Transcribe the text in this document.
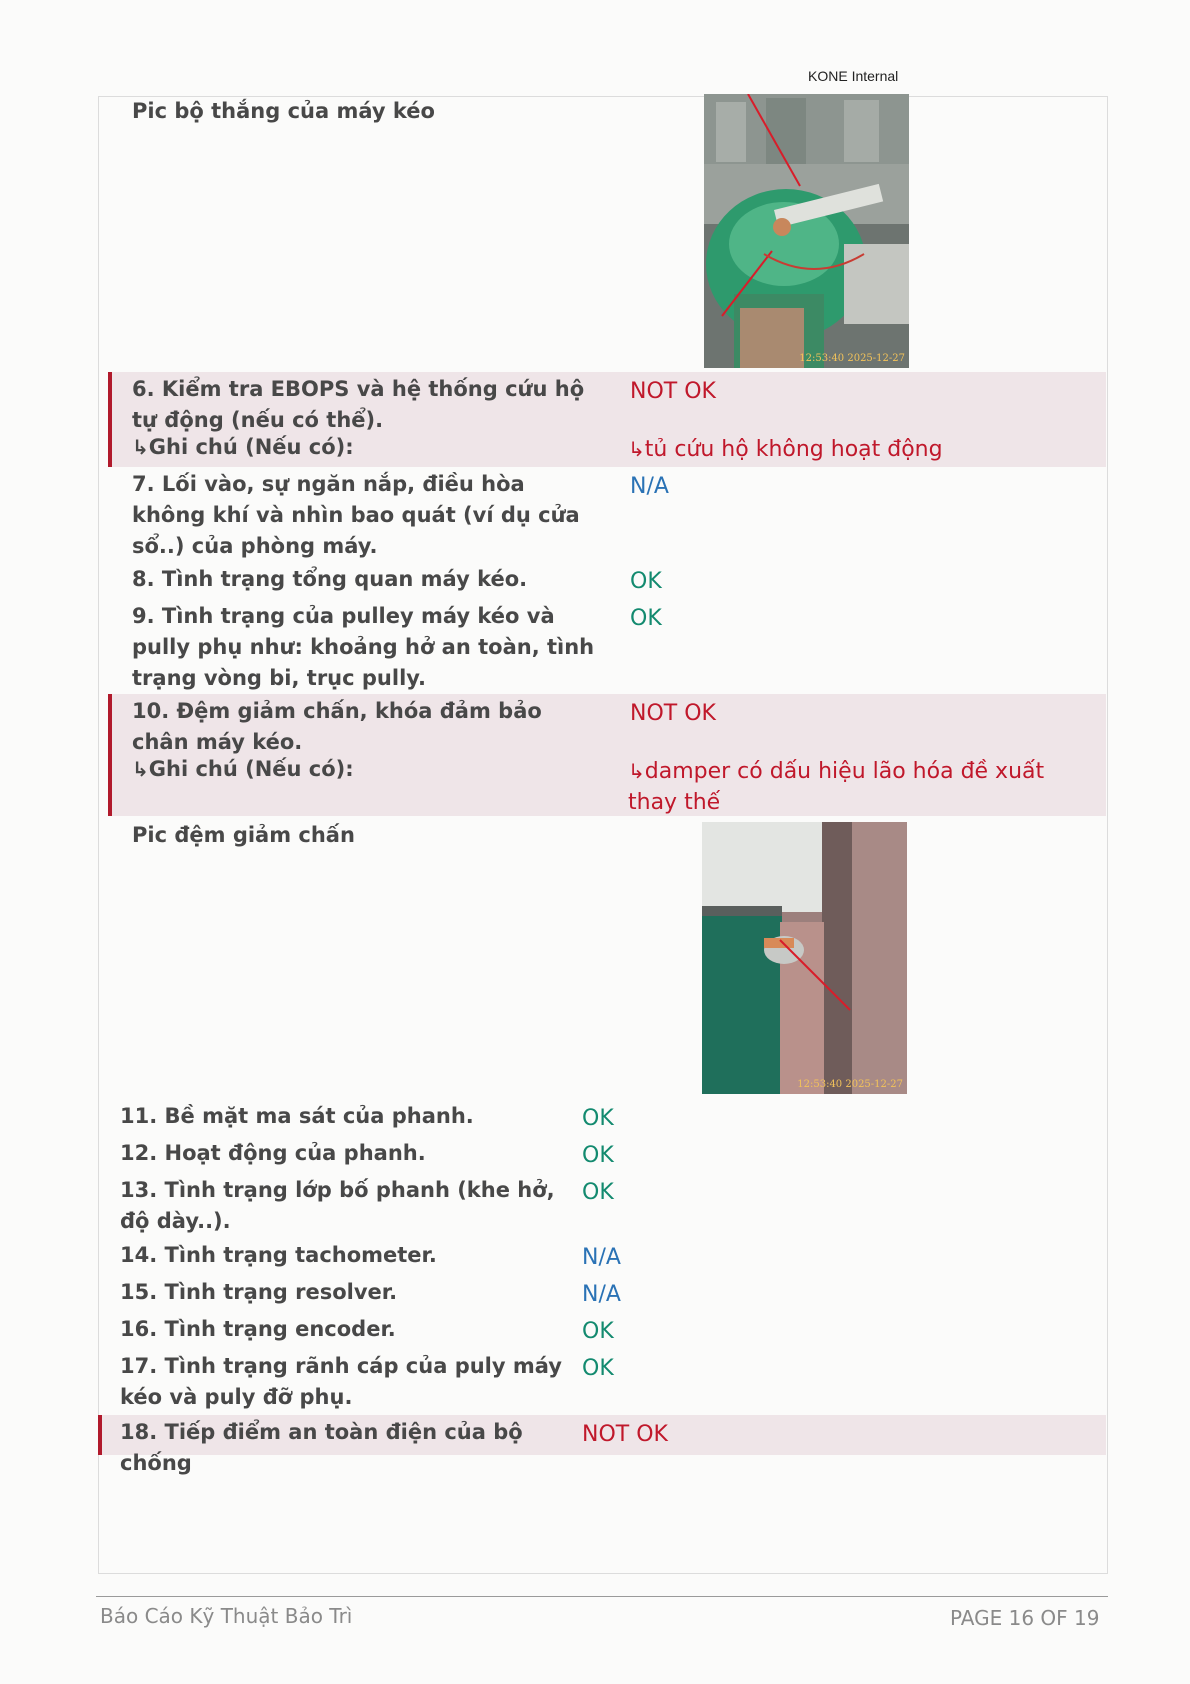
KONE Internal
Pic bộ thắng của máy kéo
12:53:40 2025-12-27
6. Kiểm tra EBOPS và hệ thống cứu hộ tự động (nếu có thể).
NOT OK
↳Ghi chú (Nếu có):	↳tủ cứu hộ không hoạt động
7. Lối vào, sự ngăn nắp, điều hòa không khí và nhìn bao quát (ví dụ cửa sổ..) của phòng máy.
N/A
8. Tình trạng tổng quan máy kéo.	OK
9. Tình trạng của pulley máy kéo và pully phụ như: khoảng hở an toàn, tình trạng vòng bi, trục pully.
OK
10. Đệm giảm chấn, khóa đảm bảo chân máy kéo.
NOT OK
↳Ghi chú (Nếu có):	↳damper có dấu hiệu lão hóa đề xuất thay thế
Pic đệm giảm chấn
12:53:40 2025-12-27
11. Bề mặt ma sát của phanh.	OK
12. Hoạt động của phanh.	OK
13. Tình trạng lớp bố phanh (khe hở, độ dày..).
OK
14. Tình trạng tachometer.	N/A
15. Tình trạng resolver.	N/A
16. Tình trạng encoder.	OK
17. Tình trạng rãnh cáp của puly máy kéo và puly đỡ phụ.
OK
18. Tiếp điểm an toàn điện của bộ chống
NOT OK
Báo Cáo Kỹ Thuật Bảo Trì	PAGE 16 OF 19
